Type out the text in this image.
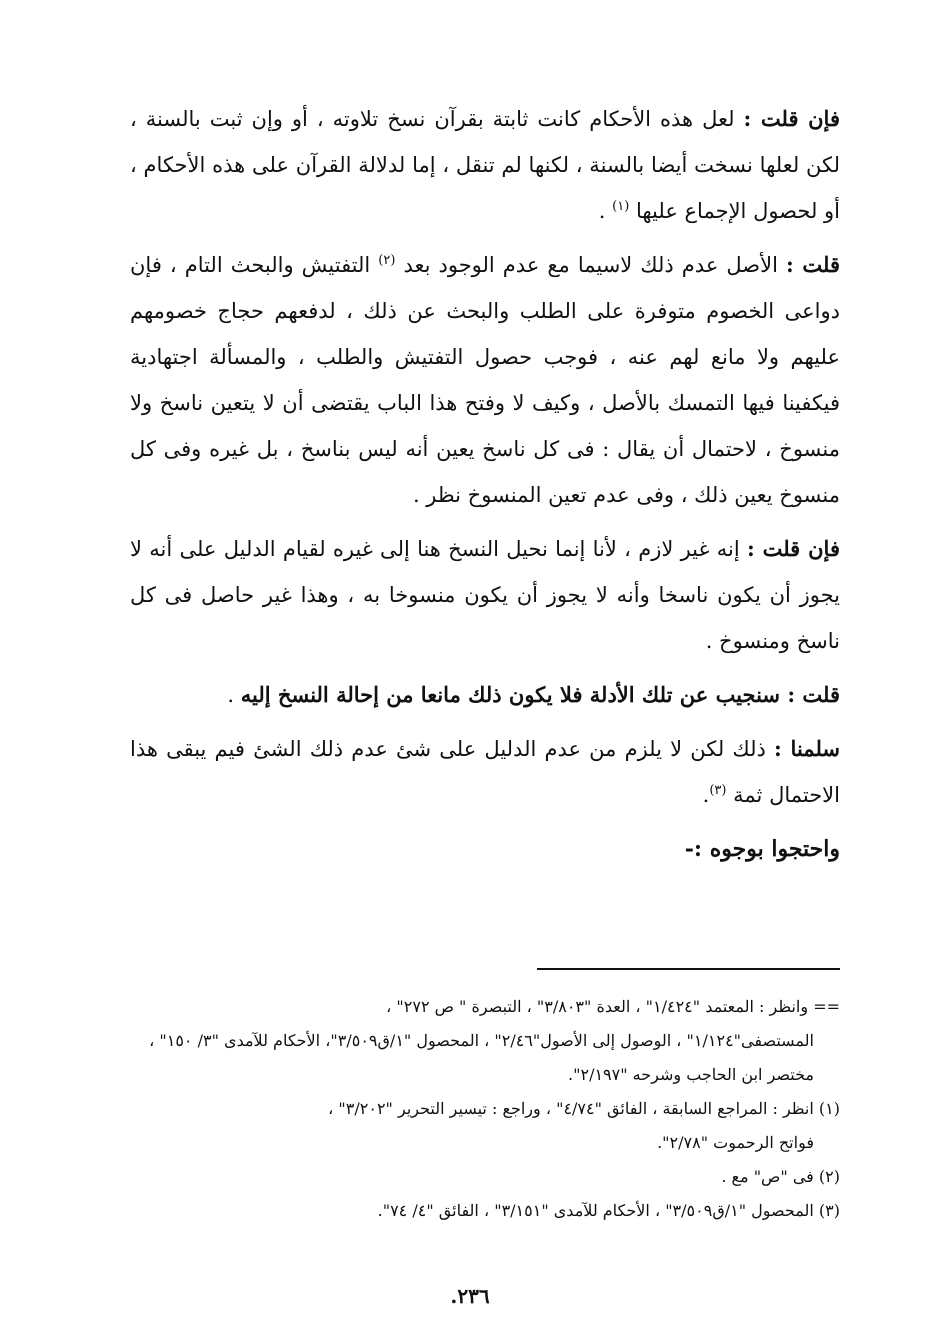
فإن قلت : لعل هذه الأحكام كانت ثابتة بقرآن نسخ تلاوته ، أو وإن ثبت بالسنة ، لكن لعلها نسخت أيضا بالسنة ، لكنها لم تنقل ، إما لدلالة القرآن على هذه الأحكام ، أو لحصول الإجماع عليها $^{(١)}$ .

قلت : الأصل عدم ذلك لاسيما مع عدم الوجود بعد $^{(٢)}$ التفتيش والبحث التام ، فإن دواعى الخصوم متوفرة على الطلب والبحث عن ذلك ، لدفعهم حجاج خصومهم عليهم ولا مانع لهم عنه ، فوجب حصول التفتيش والطلب ، والمسألة اجتهادية فيكفينا فيها التمسك بالأصل ، وكيف لا وفتح هذا الباب يقتضى أن لا يتعين ناسخ ولا منسوخ ، لاحتمال أن يقال : فى كل ناسخ يعين أنه ليس بناسخ ، بل غيره وفى كل منسوخ يعين ذلك ، وفى عدم تعين المنسوخ نظر .

فإن قلت : إنه غير لازم ، لأنا إنما نحيل النسخ هنا إلى غيره لقيام الدليل على أنه لا يجوز أن يكون ناسخا وأنه لا يجوز أن يكون منسوخا به ، وهذا غير حاصل فى كل ناسخ ومنسوخ .

قلت : سنجيب عن تلك الأدلة فلا يكون ذلك مانعا من إحالة النسخ إليه .

سلمنا : ذلك لكن لا يلزم من عدم الدليل على شئ عدم ذلك الشئ فيم يبقى هذا الاحتمال ثمة $^{(٣)}$.

واحتجوا بوجوه :-

== وانظر : المعتمد "١/٤٢٤" ، العدة "٣/٨٠٣" ، التبصرة " ص ٢٧٢" ،
المستصفى"١/١٢٤" ، الوصول إلى الأصول"٢/٤٦" ، المحصول "١/ق٣/٥٠٩"، الأحكام للآمدى "٣/ ١٥٠" ، مختصر ابن الحاجب وشرحه "٢/١٩٧".

(١) انظر : المراجع السابقة ، الفائق "٤/٧٤" ، وراجع : تيسير التحرير "٣/٢٠٢" ،
فواتح الرحموت "٢/٧٨".

(٢) فى "ص" مع .

(٣) المحصول "١/ق٣/٥٠٩" ، الأحكام للآمدى "٣/١٥١" ، الفائق "٤/ ٧٤".

٢٣٦.
